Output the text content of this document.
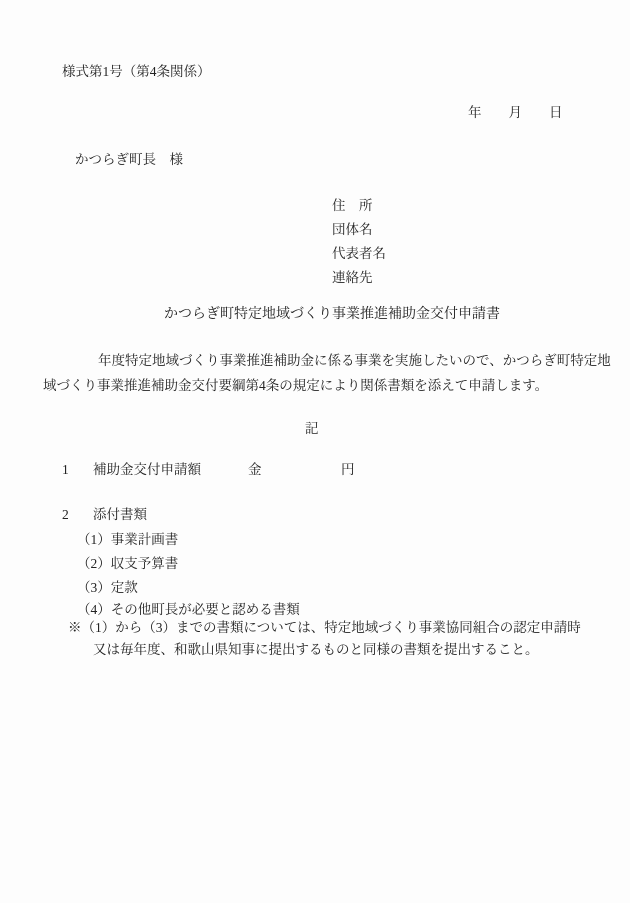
様式第1号（第4条関係）
年　　月　　日
かつらぎ町長　様
住　所
団体名
代表者名
連絡先
かつらぎ町特定地域づくり事業推進補助金交付申請書
年度特定地域づくり事業推進補助金に係る事業を実施したいので、かつらぎ町特定地
域づくり事業推進補助金交付要綱第4条の規定により関係書類を添えて申請します。
記

1

補助金交付申請額

	金

	円

2

添付書類

（1）事業計画書
（2）収支予算書
（3）定款
（4）その他町長が必要と認める書類
※（1）から（3）までの書類については、特定地域づくり事業協同組合の認定申請時
又は毎年度、和歌山県知事に提出するものと同様の書類を提出すること。
